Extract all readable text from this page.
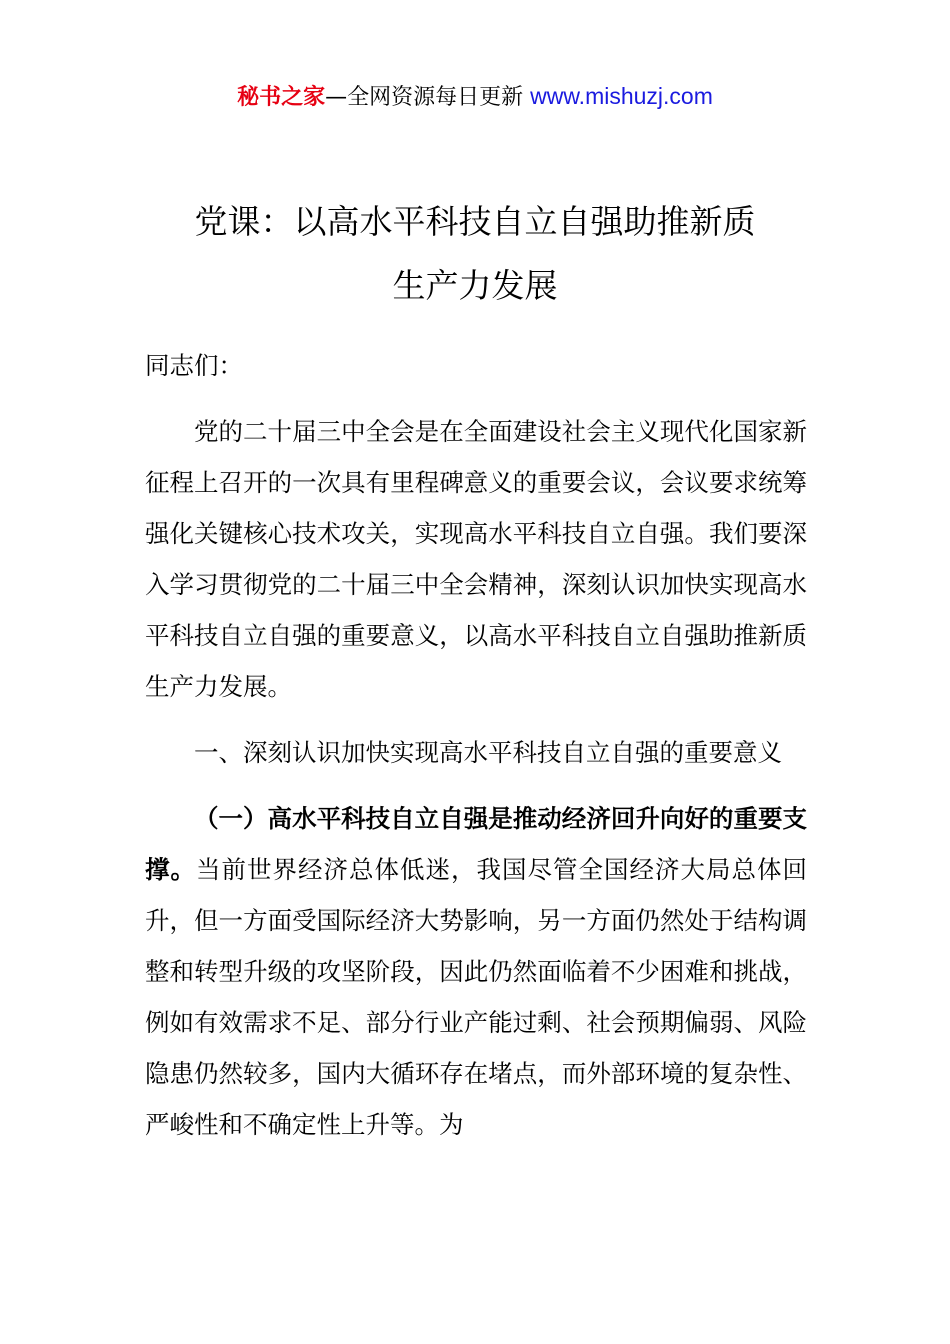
秘书之家—全网资源每日更新 www.mishuzj.com
党课：以高水平科技自立自强助推新质
生产力发展

同志们：

党的二十届三中全会是在全面建设社会主义现代化国家新征程上召开的一次具有里程碑意义的重要会议，会议要求统筹强化关键核心技术攻关，实现高水平科技自立自强。我们要深入学习贯彻党的二十届三中全会精神，深刻认识加快实现高水平科技自立自强的重要意义，以高水平科技自立自强助推新质生产力发展。

一、深刻认识加快实现高水平科技自立自强的重要意义

（一）高水平科技自立自强是推动经济回升向好的重要支撑。当前世界经济总体低迷，我国尽管全国经济大局总体回升，但一方面受国际经济大势影响，另一方面仍然处于结构调整和转型升级的攻坚阶段，因此仍然面临着不少困难和挑战，例如有效需求不足、部分行业产能过剩、社会预期偏弱、风险隐患仍然较多，国内大循环存在堵点，而外部环境的复杂性、严峻性和不确定性上升等。为
